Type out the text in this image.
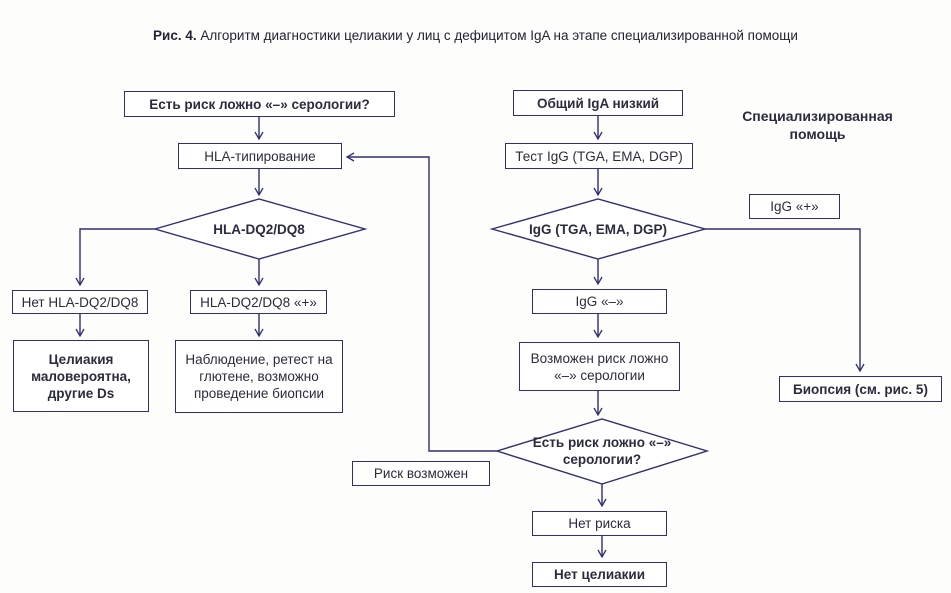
Рис. 4. Алгоритм диагностики целиакии у лиц с дефицитом IgA на этапе специализированной помощи
Есть риск ложно «–» серологии?
HLA-типирование
HLA-DQ2/DQ8
Нет HLA-DQ2/DQ8
Целиакия маловероятна, другие Ds
HLA-DQ2/DQ8 «+»
Наблюдение, ретест на глютене, возможно проведение биопсии
Общий IgA низкий
Специализированная помощь
Тест IgG (TGA, EMA, DGP)
IgG (TGA, EMA, DGP)
IgG «+»
Биопсия (см. рис. 5)
IgG «–»
Возможен риск ложно «–» серологии
Есть риск ложно «–» серологии?
Риск возможен
Нет риска
Нет целиакии
